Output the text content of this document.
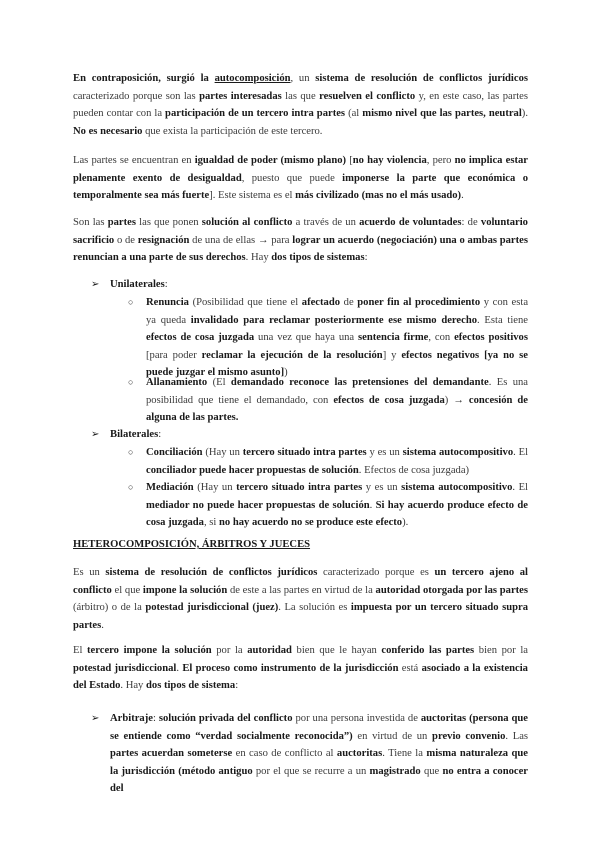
En contraposición, surgió la autocomposición, un sistema de resolución de conflictos jurídicos caracterizado porque son las partes interesadas las que resuelven el conflicto y, en este caso, las partes pueden contar con la participación de un tercero intra partes (al mismo nivel que las partes, neutral). No es necesario que exista la participación de este tercero.

Las partes se encuentran en igualdad de poder (mismo plano) [no hay violencia, pero no implica estar plenamente exento de desigualdad, puesto que puede imponerse la parte que económica o temporalmente sea más fuerte]. Este sistema es el más civilizado (mas no el más usado).

Son las partes las que ponen solución al conflicto a través de un acuerdo de voluntades: de voluntario sacrificio o de resignación de una de ellas → para lograr un acuerdo (negociación) una o ambas partes renuncian a una parte de sus derechos. Hay dos tipos de sistemas:

➢ Unilaterales:
○ Renuncia (Posibilidad que tiene el afectado de poner fin al procedimiento y con esta ya queda invalidado para reclamar posteriormente ese mismo derecho. Esta tiene efectos de cosa juzgada una vez que haya una sentencia firme, con efectos positivos [para poder reclamar la ejecución de la resolución] y efectos negativos [ya no se puede juzgar el mismo asunto])
○ Allanamiento (El demandado reconoce las pretensiones del demandante. Es una posibilidad que tiene el demandado, con efectos de cosa juzgada) → concesión de alguna de las partes.
➢ Bilaterales:
○ Conciliación (Hay un tercero situado intra partes y es un sistema autocompositivo. El conciliador puede hacer propuestas de solución. Efectos de cosa juzgada)
○ Mediación (Hay un tercero situado intra partes y es un sistema autocompositivo. El mediador no puede hacer propuestas de solución. Si hay acuerdo produce efecto de cosa juzgada, si no hay acuerdo no se produce este efecto).
HETEROCOMPOSICIÓN, ÁRBITROS Y JUECES

Es un sistema de resolución de conflictos jurídicos caracterizado porque es un tercero ajeno al conflicto el que impone la solución de este a las partes en virtud de la autoridad otorgada por las partes (árbitro) o de la potestad jurisdiccional (juez). La solución es impuesta por un tercero situado supra partes.

El tercero impone la solución por la autoridad bien que le hayan conferido las partes bien por la potestad jurisdiccional. El proceso como instrumento de la jurisdicción está asociado a la existencia del Estado. Hay dos tipos de sistema:

➢ Arbitraje: solución privada del conflicto por una persona investida de auctoritas (persona que se entiende como “verdad socialmente reconocida”) en virtud de un previo convenio. Las partes acuerdan someterse en caso de conflicto al auctoritas. Tiene la misma naturaleza que la jurisdicción (método antiguo por el que se recurre a un magistrado que no entra a conocer del
